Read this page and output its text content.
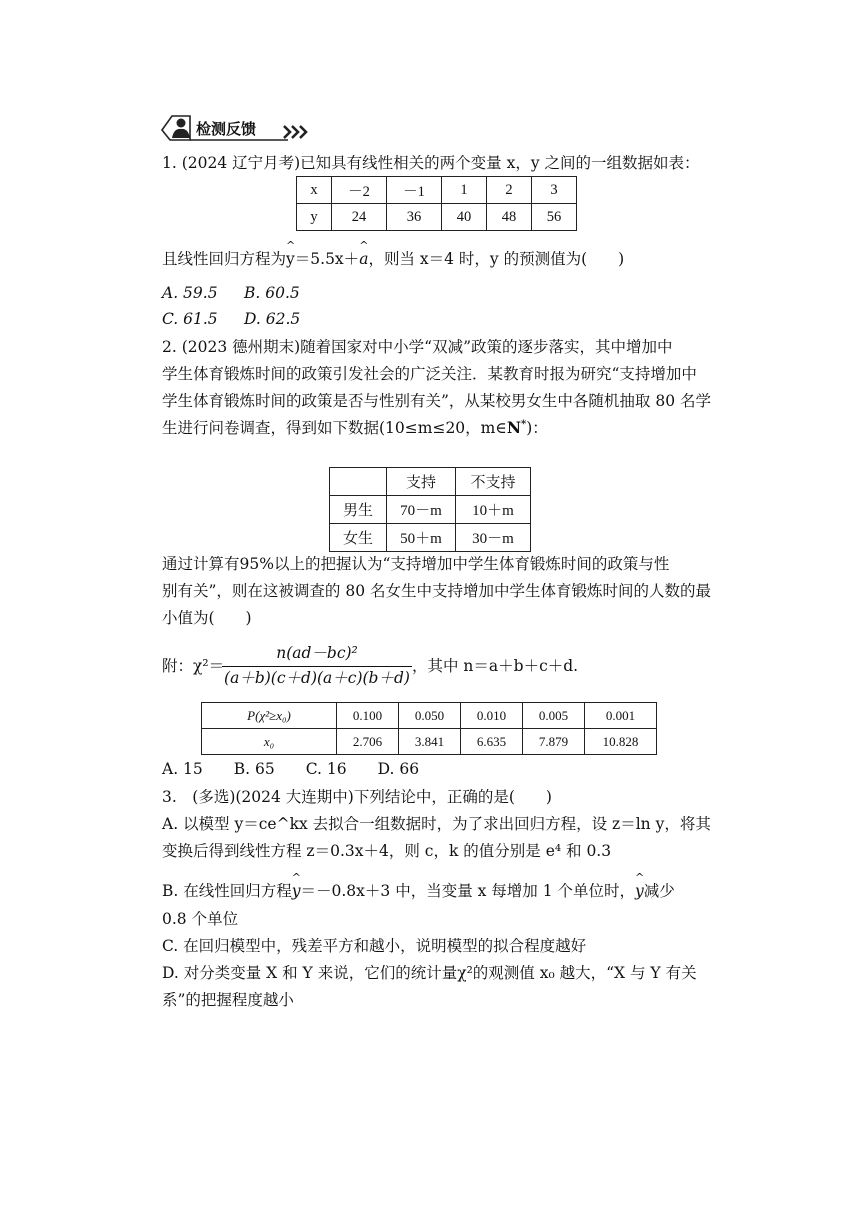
检测反馈
1. (2024 辽宁月考)已知具有线性相关的两个变量 x，y 之间的一组数据如表：
x	－2	－1	1	2	3
y	24	36	40	48	56
且线性回归方程为^ y＝5.5x＋^ a，则当 x＝4 时，y 的预测值为(　　)
A. 59.5 B. 60.5
C. 61.5 D. 62.5
2. (2023 德州期末)随着国家对中小学“双减”政策的逐步落实，其中增加中
学生体育锻炼时间的政策引发社会的广泛关注．某教育时报为研究“支持增加中
学生体育锻炼时间的政策是否与性别有关”，从某校男女生中各随机抽取 80 名学
生进行问卷调查，得到如下数据(10≤m≤20，m∈N*)：
	支持	不支持
男生	70－m	10＋m
女生	50＋m	30－m
通过计算有95%以上的把握认为“支持增加中学生体育锻炼时间的政策与性
别有关”，则在这被调查的 80 名女生中支持增加中学生体育锻炼时间的人数的最
小值为(　　)
附：χ²＝
n(ad－bc)²
(a＋b)(c＋d)(a＋c)(b＋d)
，其中 n＝a＋b＋c＋d.
P(χ²≥x₀)	0.100	0.050	0.010	0.005	0.001
x₀	2.706	3.841	6.635	7.879	10.828
A. 15　　B. 65　　C. 16　　D. 66
3.　(多选)(2024 大连期中)下列结论中，正确的是(　　)
A. 以模型 y＝ce^kx 去拟合一组数据时，为了求出回归方程，设 z＝ln y，将其
变换后得到线性方程 z＝0.3x＋4，则 c，k 的值分别是 e⁴ 和 0.3
B. 在线性回归方程^ y＝－0.8x＋3 中，当变量 x 每增加 1 个单位时，^ y减少
0.8 个单位
C. 在回归模型中，残差平方和越小，说明模型的拟合程度越好
D. 对分类变量 X 和 Y 来说，它们的统计量χ²的观测值 x₀ 越大，“X 与 Y 有关
系”的把握程度越小
